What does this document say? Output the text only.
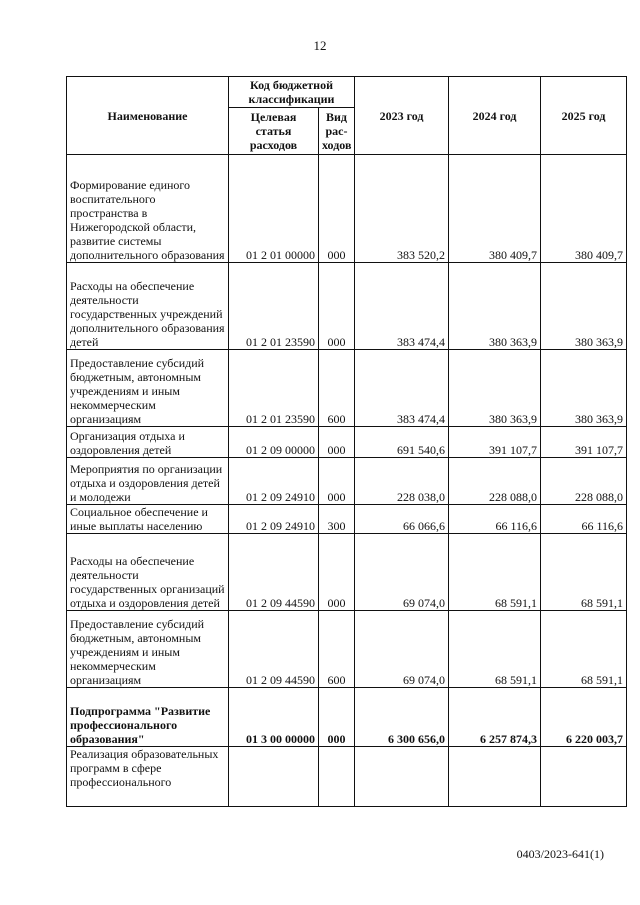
12
Наименование	Код бюджетной классификации		2023 год	2024 год	2025 год
	Целевая статья расходов	Вид рас- ходов			
Формирование единого воспитательного пространства в Нижегородской области, развитие системы дополнительного образования	01 2 01 00000	000	383 520,2	380 409,7	380 409,7
Расходы на обеспечение деятельности государственных учреждений дополнительного образования детей	01 2 01 23590	000	383 474,4	380 363,9	380 363,9
Предоставление субсидий бюджетным, автономным учреждениям и иным некоммерческим организациям	01 2 01 23590	600	383 474,4	380 363,9	380 363,9
Организация отдыха и оздоровления детей	01 2 09 00000	000	691 540,6	391 107,7	391 107,7
Мероприятия по организации отдыха и оздоровления детей и молодежи	01 2 09 24910	000	228 038,0	228 088,0	228 088,0
Социальное обеспечение и иные выплаты населению	01 2 09 24910	300	66 066,6	66 116,6	66 116,6
Расходы на обеспечение деятельности государственных организаций отдыха и оздоровления детей	01 2 09 44590	000	69 074,0	68 591,1	68 591,1
Предоставление субсидий бюджетным, автономным учреждениям и иным некоммерческим организациям	01 2 09 44590	600	69 074,0	68 591,1	68 591,1
Подпрограмма "Развитие профессионального образования"	01 3 00 00000	000	6 300 656,0	6 257 874,3	6 220 003,7
Реализация образовательных программ в сфере профессионального					
0403/2023-641(1)
